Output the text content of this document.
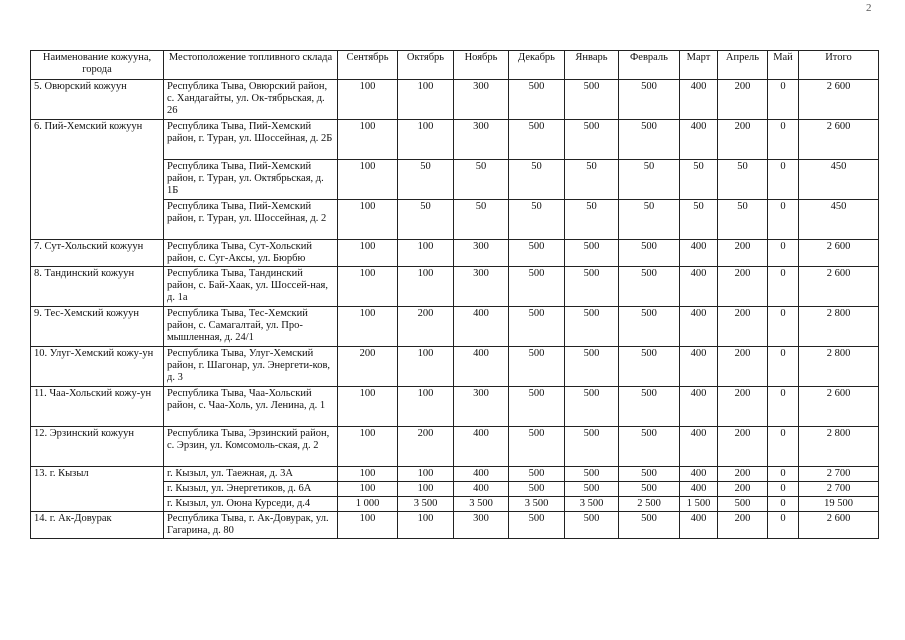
2
Наименование кожууна, города	Местоположение топливного склада	Сентябрь	Октябрь	Ноябрь	Декабрь	Январь	Февраль	Март	Апрель	Май	Итого
5. Овюрский кожуун	Республика Тыва, Овюрский район, с. Хандагайты, ул. Ок-тябрьская, д. 26	100	100	300	500	500	500	400	200	0	2 600
6. Пий-Хемский кожуун	Республика Тыва, Пий-Хемский район, г. Туран, ул. Шоссейная, д. 2Б	100	100	300	500	500	500	400	200	0	2 600
	Республика Тыва, Пий-Хемский район, г. Туран, ул. Октябрьская, д. 1Б	100	50	50	50	50	50	50	50	0	450
	Республика Тыва, Пий-Хемский район, г. Туран, ул. Шоссейная, д. 2	100	50	50	50	50	50	50	50	0	450
7. Сут-Хольский кожуун	Республика Тыва, Сут-Хольский район, с. Суг-Аксы, ул. Бюрбю	100	100	300	500	500	500	400	200	0	2 600
8. Тандинский кожуун	Республика Тыва, Тандинский район, с. Бай-Хаак, ул. Шоссей-ная, д. 1а	100	100	300	500	500	500	400	200	0	2 600
9. Тес-Хемский кожуун	Республика Тыва, Тес-Хемский район, с. Самагалтай, ул. Про-мышленная, д. 24/1	100	200	400	500	500	500	400	200	0	2 800
10. Улуг-Хемский кожу-ун	Республика Тыва, Улуг-Хемский район, г. Шагонар, ул. Энергети-ков, д. 3	200	100	400	500	500	500	400	200	0	2 800
11. Чаа-Хольский кожу-ун	Республика Тыва, Чаа-Хольский район, с. Чаа-Холь, ул. Ленина, д. 1	100	100	300	500	500	500	400	200	0	2 600
12. Эрзинский кожуун	Республика Тыва, Эрзинский район, с. Эрзин, ул. Комсомоль-ская, д. 2	100	200	400	500	500	500	400	200	0	2 800
13. г. Кызыл	г. Кызыл, ул. Таежная, д. 3А	100	100	400	500	500	500	400	200	0	2 700
	г. Кызыл, ул. Энергетиков, д. 6А	100	100	400	500	500	500	400	200	0	2 700
	г. Кызыл, ул. Оюна Курседи, д.4	1 000	3 500	3 500	3 500	3 500	2 500	1 500	500	0	19 500
14. г. Ак-Довурак	Республика Тыва, г. Ак-Довурак, ул. Гагарина, д. 80	100	100	300	500	500	500	400	200	0	2 600
